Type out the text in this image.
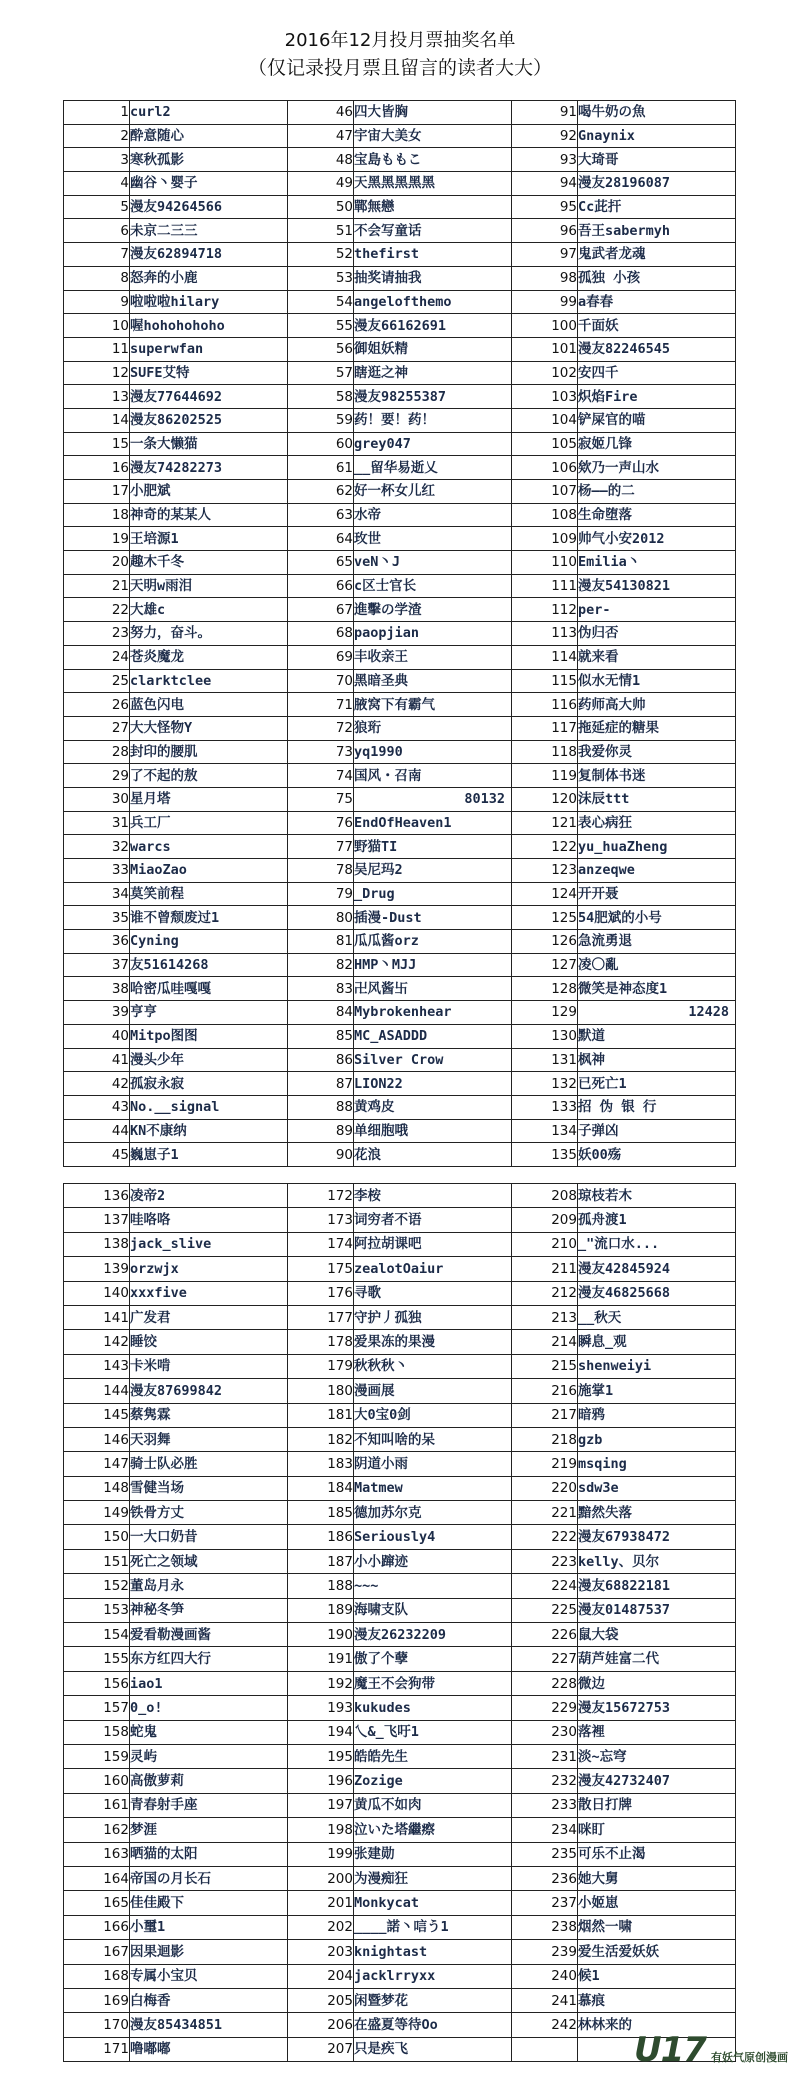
2016年12月投月票抽奖名单
（仅记录投月票且留言的读者大大）
1	curl2	46	四大皆胸	91	喝牛奶の魚
2	酔意随心	47	宇宙大美女	92	Gnaynix
3	寒秋孤影	48	宝島ももこ	93	大琦哥
4	幽谷丶婴子	49	天黑黑黑黑黑	94	漫友28196087
5	漫友94264566	50	鄲無戀	95	Cc茈扞
6	未京二三三	51	不会写童话	96	吾王sabermyh
7	漫友62894718	52	thefirst	97	鬼武者龙魂
8	怒奔的小鹿	53	抽奖请抽我	98	孤独 小孩
9	啦啦啦hilary	54	angelofthemo	99	a春春
10	喔hohohohoho	55	漫友66162691	100	千面妖
11	superwfan	56	御姐妖精	101	漫友82246545
12	SUFE艾特	57	瞎逛之神	102	安四千
13	漫友77644692	58	漫友98255387	103	炽焰Fire
14	漫友86202525	59	药！要！药！	104	铲屎官的喵
15	一条大懒猫	60	grey047	105	寂姬几锋
16	漫友74282273	61	__留华易逝乂	106	欸乃一声山水
17	小肥斌	62	好一杯女儿红	107	杨——的二
18	神奇的某某人	63	水帝	108	生命堕落
19	王培源1	64	玫世	109	帅气小安2012
20	趣木千冬	65	veN丶J	110	Emilia丶
21	天明w雨泪	66	c区士官长	111	漫友54130821
22	大雄c	67	進擊の学渣	112	per-
23	努力，奋斗。	68	paopjian	113	伪归否
24	苍炎魔龙	69	丰收亲王	114	就来看
25	clarktclee	70	黑暗圣典	115	似水无情1
26	蓝色闪电	71	腋窝下有霸气	116	药师高大帅
27	大大怪物Y	72	狼珩	117	拖延症的糖果
28	封印的腰肌	73	yq1990	118	我爱你灵
29	了不起的敖	74	国风・召南	119	复制体书迷
30	星月塔	75	80132	120	沫辰ttt
31	兵工厂	76	EndOfHeaven1	121	表心病狂
32	warcs	77	野猫TI	122	yu_huaZheng
33	MiaoZao	78	吴尼玛2	123	anzeqwe
34	莫笑前程	79	_Drug	124	开开聂
35	谁不曾颓废过1	80	插漫-Dust	125	54肥斌的小号
36	Cyning	81	瓜瓜酱orz	126	急流勇退
37	友51614268	82	HMP丶MJJ	127	凌〇亂
38	哈密瓜哇嘎嘎	83	卍风酱卐	128	微笑是神态度1
39	亨亨	84	Mybrokenhear	129	12428
40	Mitpo图图	85	MC_ASADDD	130	默道
41	漫头少年	86	Silver Crow	131	枫神
42	孤寂永寂	87	LION22	132	已死亡1
43	No.__signal	88	黄鸡皮	133	招 伪 银 行
44	KN不康纳	89	单细胞哦	134	子弹凶
45	巍崽子1	90	花浪	135	妖00殇
136	凌帝2	172	李桉	208	琼枝若木
137	哇咯咯	173	词穷者不语	209	孤舟渡1
138	jack_slive	174	阿拉胡课吧	210	_"流口水...
139	orzwjx	175	zealotOaiur	211	漫友42845924
140	xxxfive	176	寻歌	212	漫友46825668
141	广发君	177	守护丿孤独	213	__秋天
142	睡饺	178	爱果冻的果漫	214	瞬息_观
143	卡米啃	179	秋秋秋丶	215	shenweiyi
144	漫友87699842	180	漫画展	216	施掌1
145	蔡隽霖	181	大0宝0剑	217	暗鸦
146	天羽舞	182	不知叫啥的呆	218	gzb
147	骑士队必胜	183	阴道小雨	219	msqing
148	雪健当场	184	Matmew	220	sdw3e
149	铁骨方丈	185	德加苏尔克	221	黯然失落
150	一大口奶昔	186	Seriously4	222	漫友67938472
151	死亡之领域	187	小小蹿迹	223	kelly、贝尔
152	董岛月永	188	~~~	224	漫友68822181
153	神秘冬笋	189	海啸支队	225	漫友01487537
154	爱看勒漫画酱	190	漫友26232209	226	鼠大袋
155	东方红四大行	191	傲了个孽	227	葫芦娃富二代
156	iao1	192	魔王不会狗带	228	微边
157	0_o!	193	kukudes	229	漫友15672753
158	蛇鬼	194	乀&_飞吁1	230	落裡
159	灵屿	195	皓皓先生	231	淡~忘穹
160	高傲萝莉	196	Zozige	232	漫友42732407
161	青春射手座	197	黄瓜不如肉	233	散日打牌
162	梦涯	198	泣いた塔繼瘵	234	咪盯
163	晒猫的太阳	199	张建勋	235	可乐不止渴
164	帝国の月长石	200	为漫痴狂	236	她大舅
165	佳佳殿下	201	Monkycat	237	小姬崽
166	小璽1	202	____諾丶唁う1	238	烟然一啸
167	因果迴影	203	knightast	239	爱生活爱妖妖
168	专属小宝贝	204	jacklrryxx	240	候1
169	白梅香	205	闲暨梦花	241	慕痕
170	漫友85434851	206	在盛夏等待Oo	242	林林来的
171	噜嘟嘟	207	只是疾飞			U17 有妖气原创漫画
